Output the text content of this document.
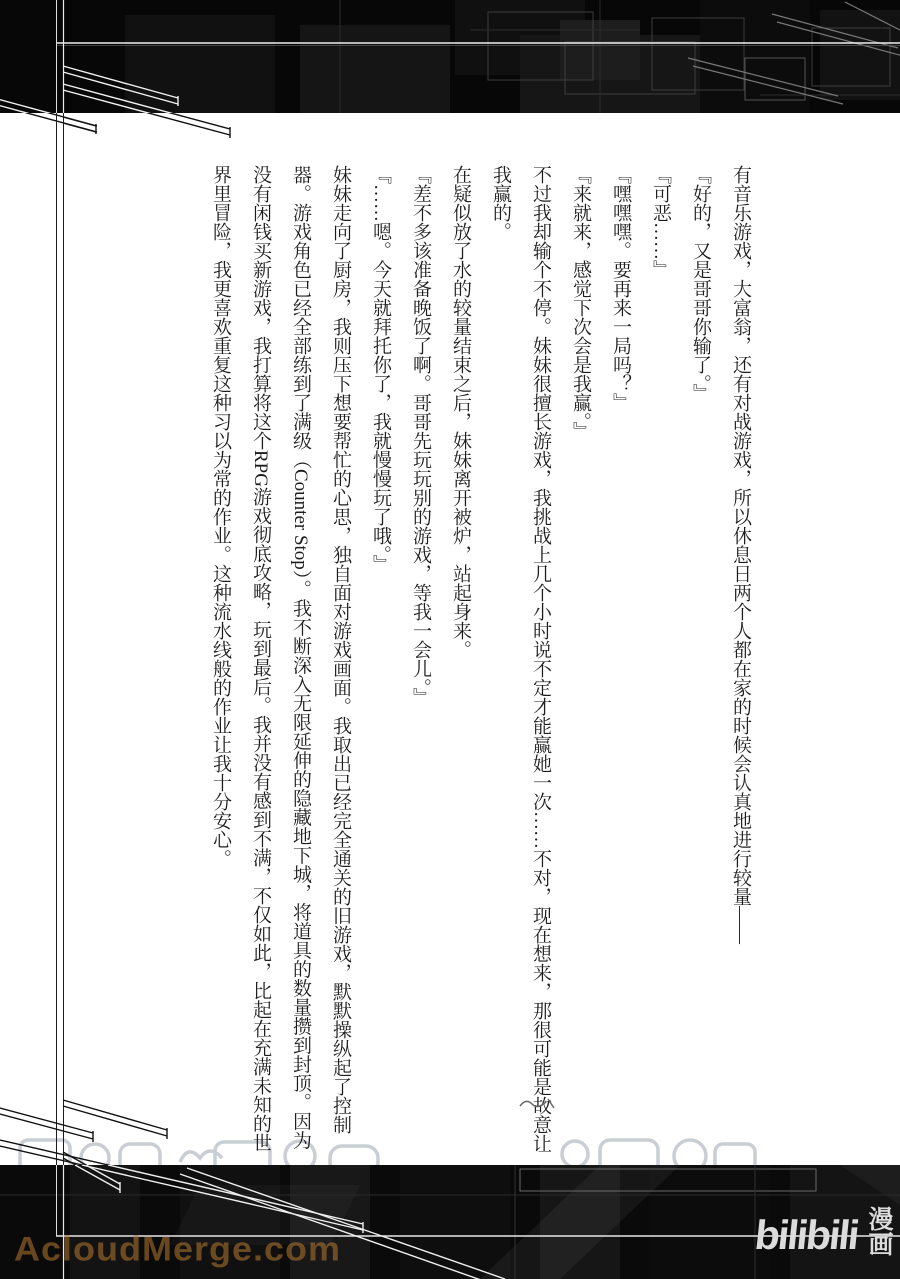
有音乐游戏，大富翁，还有对战游戏，所以休息日两个人都在家的时候会认真地进行较量——

『好的，又是哥哥你输了。』

『可恶……』

『嘿嘿嘿。要再来一局吗？』

『来就来，感觉下次会是我赢。』

不过我却输个不停。妹妹很擅长游戏，我挑战上几个小时说不定才能赢她一次……不对，现在想来，那很可能是故意让我赢的。

在疑似放了水的较量结束之后，妹妹离开被炉，站起身来。

『差不多该准备晚饭了啊。哥哥先玩玩别的游戏，等我一会儿。』

『……嗯。今天就拜托你了，我就慢慢玩了哦。』

妹妹走向了厨房，我则压下想要帮忙的心思，独自面对游戏画面。我取出已经完全通关的旧游戏，默默操纵起了控制器。游戏角色已经全部练到了满级（Counter Stop）。我不断深入无限延伸的隐藏地下城，将道具的数量攒到封顶。因为没有闲钱买新游戏，我打算将这个RPG游戏彻底攻略，玩到最后。我并没有感到不满，不仅如此，比起在充满未知的世界里冒险，我更喜欢重复这种习以为常的作业。这种流水线般的作业让我十分安心。

AcloudMerge.com	bilibili 漫画
